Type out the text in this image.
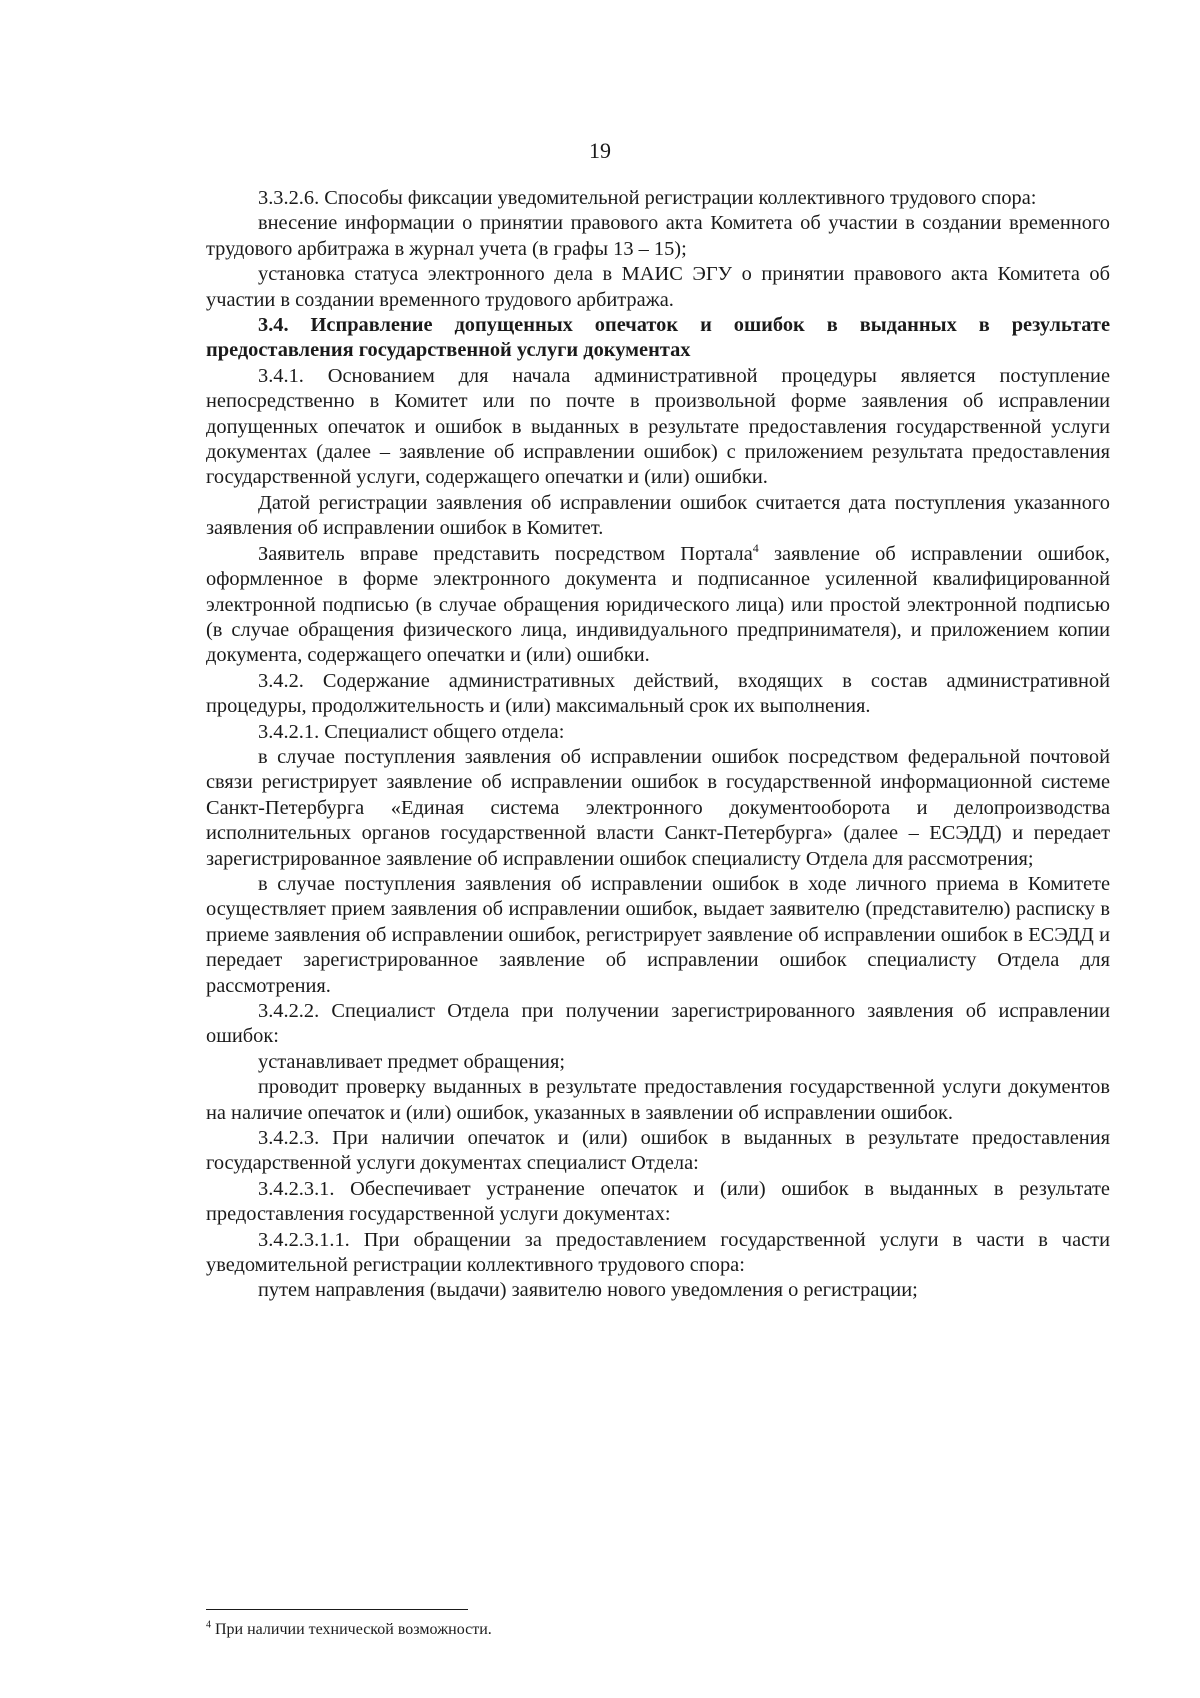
19

3.3.2.6. Способы фиксации уведомительной регистрации коллективного трудового спора:

внесение информации о принятии правового акта Комитета об участии в создании временного трудового арбитража в журнал учета (в графы 13 – 15);

установка статуса электронного дела в МАИС ЭГУ о принятии правового акта Комитета об участии в создании временного трудового арбитража.

3.4. Исправление допущенных опечаток и ошибок в выданных в результате предоставления государственной услуги документах

3.4.1. Основанием для начала административной процедуры является поступление непосредственно в Комитет или по почте в произвольной форме заявления об исправлении допущенных опечаток и ошибок в выданных в результате предоставления государственной услуги документах (далее – заявление об исправлении ошибок) с приложением результата предоставления государственной услуги, содержащего опечатки и (или) ошибки.

Датой регистрации заявления об исправлении ошибок считается дата поступления указанного заявления об исправлении ошибок в Комитет.

Заявитель вправе представить посредством Портала$^4$ заявление об исправлении ошибок, оформленное в форме электронного документа и подписанное усиленной квалифицированной электронной подписью (в случае обращения юридического лица) или простой электронной подписью (в случае обращения физического лица, индивидуального предпринимателя), и приложением копии документа, содержащего опечатки и (или) ошибки.

3.4.2. Содержание административных действий, входящих в состав административной процедуры, продолжительность и (или) максимальный срок их выполнения.

3.4.2.1. Специалист общего отдела:

в случае поступления заявления об исправлении ошибок посредством федеральной почтовой связи регистрирует заявление об исправлении ошибок в государственной информационной системе Санкт-Петербурга «Единая система электронного документооборота и делопроизводства исполнительных органов государственной власти Санкт-Петербурга» (далее – ЕСЭДД) и передает зарегистрированное заявление об исправлении ошибок специалисту Отдела для рассмотрения;

в случае поступления заявления об исправлении ошибок в ходе личного приема в Комитете осуществляет прием заявления об исправлении ошибок, выдает заявителю (представителю) расписку в приеме заявления об исправлении ошибок, регистрирует заявление об исправлении ошибок в ЕСЭДД и передает зарегистрированное заявление об исправлении ошибок специалисту Отдела для рассмотрения.

3.4.2.2. Специалист Отдела при получении зарегистрированного заявления об исправлении ошибок:

устанавливает предмет обращения;

проводит проверку выданных в результате предоставления государственной услуги документов на наличие опечаток и (или) ошибок, указанных в заявлении об исправлении ошибок.

3.4.2.3. При наличии опечаток и (или) ошибок в выданных в результате предоставления государственной услуги документах специалист Отдела:

3.4.2.3.1. Обеспечивает устранение опечаток и (или) ошибок в выданных в результате предоставления государственной услуги документах:

3.4.2.3.1.1. При обращении за предоставлением государственной услуги в части в части уведомительной регистрации коллективного трудового спора:

путем направления (выдачи) заявителю нового уведомления о регистрации;

$^4$ При наличии технической возможности.
